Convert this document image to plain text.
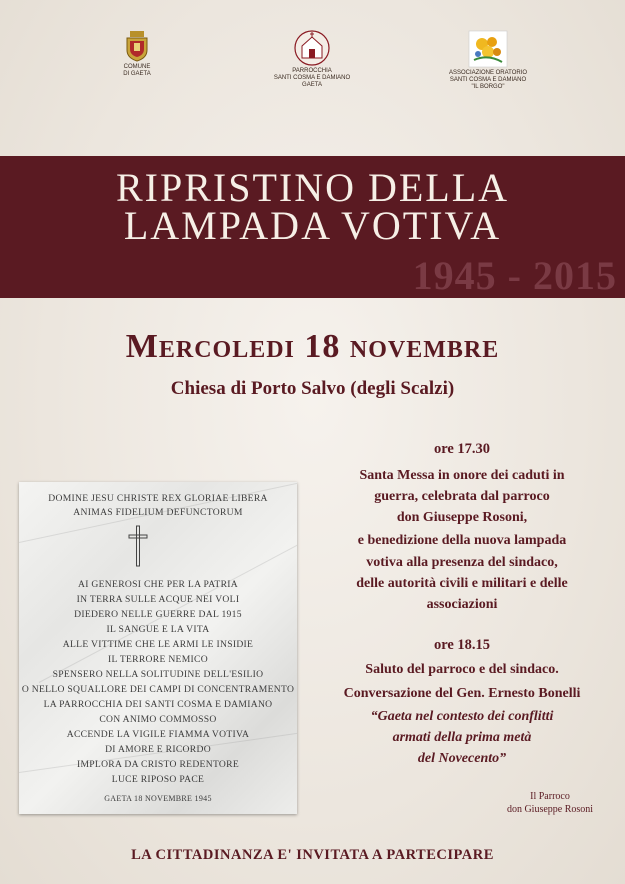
COMUNE
DI GAETA	PARROCCHIA
SANTI COSMA E DAMIANO
GAETA
ASSOCIAZIONE ORATORIO
SANTI COSMA E DAMIANO
"IL BORGO"
RIPRISTINO DELLA
LAMPADA VOTIVA
1945 - 2015
Mercoledi 18 novembre
Chiesa di Porto Salvo (degli Scalzi)
DOMINE JESU CHRISTE REX GLORIAE LIBERA
ANIMAS FIDELIUM DEFUNCTORUM
AI GENEROSI CHE PER LA PATRIA
IN TERRA SULLE ACQUE NEI VOLI
DIEDERO NELLE GUERRE DAL 1915
IL SANGUE E LA VITA
ALLE VITTIME CHE LE ARMI LE INSIDIE
IL TERRORE NEMICO
SPENSERO NELLA SOLITUDINE DELL'ESILIO
O NELLO SQUALLORE DEI CAMPI DI CONCENTRAMENTO
LA PARROCCHIA DEI SANTI COSMA E DAMIANO
CON ANIMO COMMOSSO
ACCENDE LA VIGILE FIAMMA VOTIVA
DI AMORE E RICORDO
IMPLORA DA CRISTO REDENTORE
LUCE RIPOSO PACE
GAETA 18 NOVEMBRE 1945
ore 17.30
Santa Messa in onore dei caduti in
guerra, celebrata dal parroco
don Giuseppe Rosoni,
e benedizione della nuova lampada
votiva alla presenza del sindaco,
delle autorità civili e militari e delle
associazioni
ore 18.15
Saluto del parroco e del sindaco.
Conversazione del Gen. Ernesto Bonelli
“Gaeta nel contesto dei conflitti
armati della prima metà
del Novecento”
Il Parroco
don Giuseppe Rosoni
LA CITTADINANZA E' INVITATA A PARTECIPARE
